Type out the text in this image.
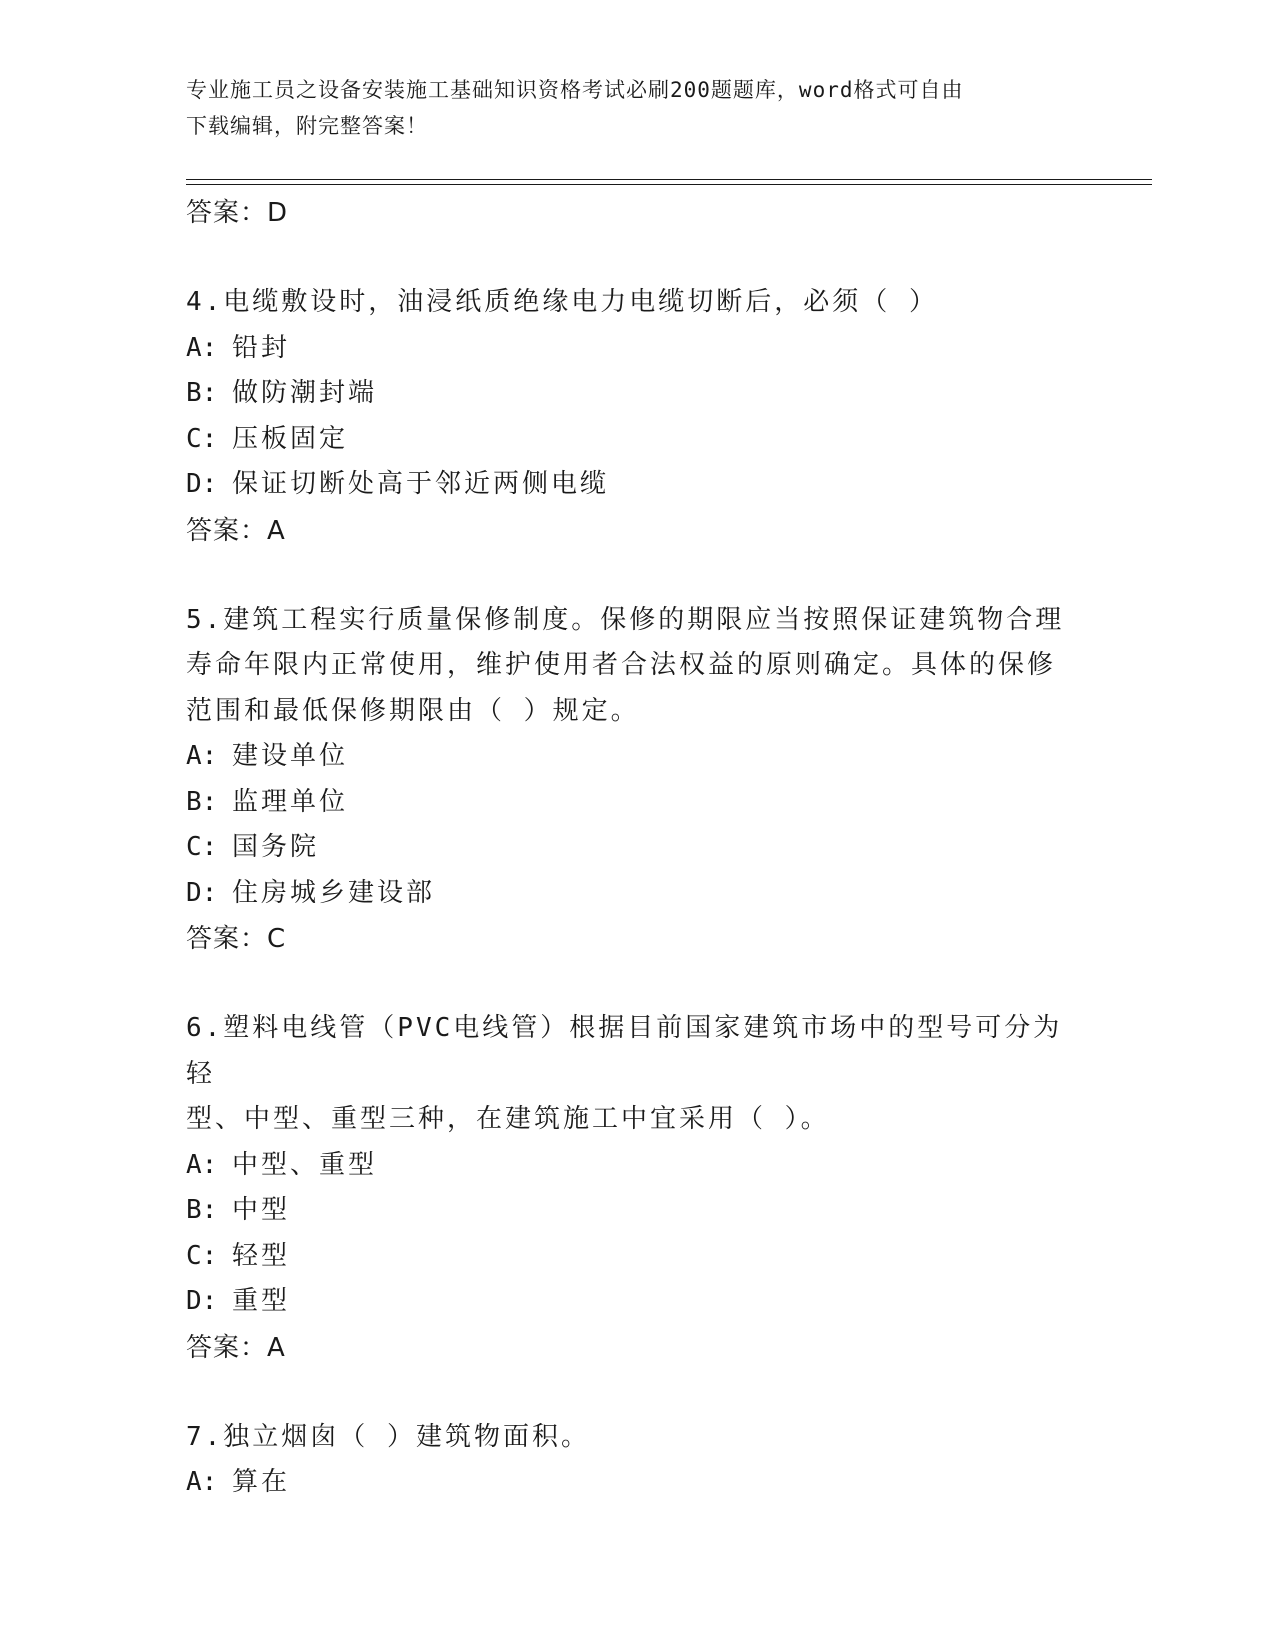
专业施工员之设备安装施工基础知识资格考试必刷200题题库，word格式可自由
下载编辑，附完整答案！
答案：D
4.电缆敷设时，油浸纸质绝缘电力电缆切断后，必须（ ）
A: 铅封
B: 做防潮封端
C: 压板固定
D: 保证切断处高于邻近两侧电缆
答案：A
5.建筑工程实行质量保修制度。保修的期限应当按照保证建筑物合理
寿命年限内正常使用，维护使用者合法权益的原则确定。具体的保修
范围和最低保修期限由（ ）规定。
A: 建设单位
B: 监理单位
C: 国务院
D: 住房城乡建设部
答案：C
6.塑料电线管（PVC电线管）根据目前国家建筑市场中的型号可分为轻
型、中型、重型三种，在建筑施工中宜采用（ ）。
A: 中型、重型
B: 中型
C: 轻型
D: 重型
答案：A
7.独立烟囱（ ）建筑物面积。
A: 算在
